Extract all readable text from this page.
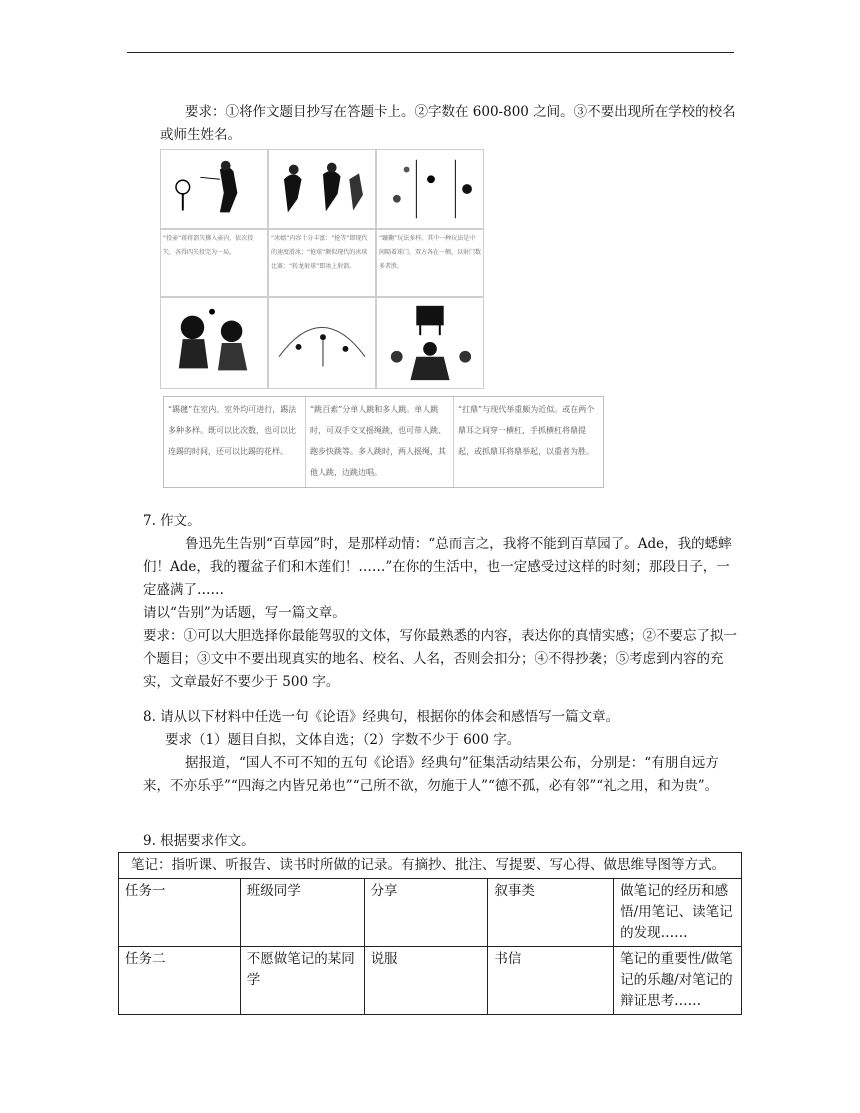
要求：①将作文题目抄写在答题卡上。②字数在 600-800 之间。③不要出现所在学校的校名或师生姓名。
“投壶”蒋将箭矢掷入壶内，依次投矢，各得四矢投完为一局。
“冰嬉”内容十分丰富：“抢等”即现代的速度滑冰；“抢球”颇似现代的冰球比赛；“转龙射球”即冰上射箭。
“蹴鞠”玩法多样。其中一种玩法是中间隔着球门，双方各在一侧，以射门数多者胜。
“踢毽”在室内、室外均可进行，踢法多种多样。既可以比次数，也可以比连踢的时间，还可以比踢的花样。
“跳百索”分单人跳和多人跳。单人跳时，可双手交叉摇绳跳，也可带人跳、跑步快跳等。多人跳时，两人摇绳，其他人跳，边跳边唱。
“扛鼎”与现代举重颇为近似。或在两个鼎耳之间穿一横杠，手抓横杠将鼎提起，或抓鼎耳将鼎举起，以重者为胜。
7. 作文。
鲁迅先生告别“百草园”时，是那样动情：“总而言之，我将不能到百草园了。Ade，我的蟋蟀们！Ade，我的覆盆子们和木莲们！……”在你的生活中，也一定感受过这样的时刻；那段日子，一定盛满了……
请以“告别”为话题，写一篇文章。
要求：①可以大胆选择你最能驾驭的文体，写你最熟悉的内容，表达你的真情实感；②不要忘了拟一个题目；③文中不要出现真实的地名、校名、人名，否则会扣分；④不得抄袭；⑤考虑到内容的充实，文章最好不要少于 500 字。
8. 请从以下材料中任选一句《论语》经典句，根据你的体会和感悟写一篇文章。
要求（1）题目自拟，文体自选；（2）字数不少于 600 字。
据报道，“国人不可不知的五句《论语》经典句”征集活动结果公布，分别是：“有朋自远方来，不亦乐乎”“四海之内皆兄弟也”“己所不欲，勿施于人”“德不孤，必有邻”“礼之用，和为贵”。
9. 根据要求作文。
笔记：指听课、听报告、读书时所做的记录。有摘抄、批注、写提要、写心得、做思维导图等方式。				
任务一	班级同学	分享	叙事类	做笔记的经历和感悟/用笔记、读笔记的发现……
任务二	不愿做笔记的某同学	说服	书信	笔记的重要性/做笔记的乐趣/对笔记的辩证思考……
